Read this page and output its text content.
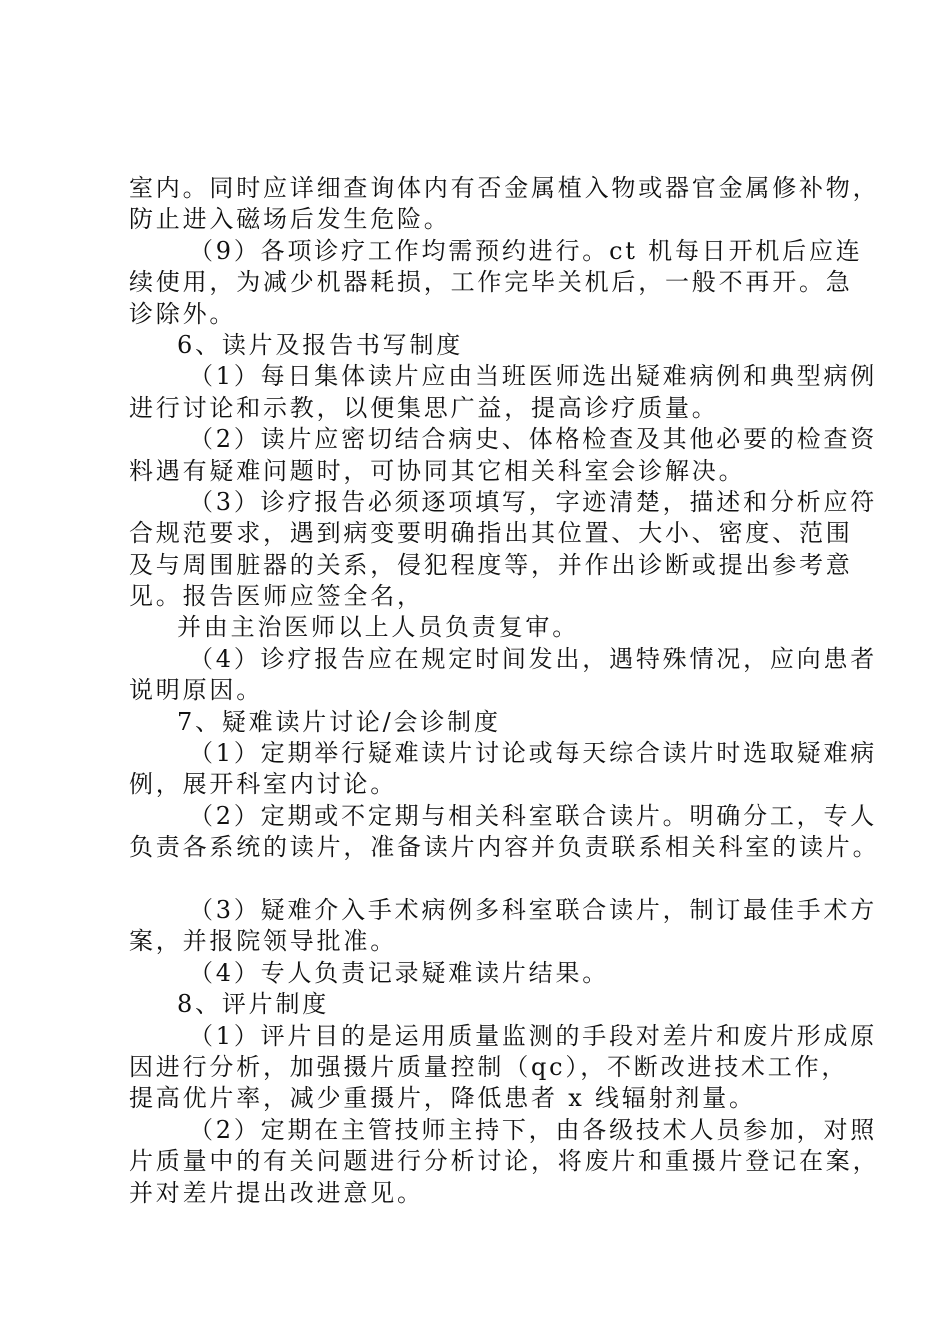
室内。同时应详细查询体内有否金属植入物或器官金属修补物，
防止进入磁场后发生危险。
（9）各项诊疗工作均需预约进行。ct 机每日开机后应连
续使用，为减少机器耗损，工作完毕关机后，一般不再开。急
诊除外。
6、读片及报告书写制度
（1）每日集体读片应由当班医师选出疑难病例和典型病例
进行讨论和示教，以便集思广益，提高诊疗质量。
（2）读片应密切结合病史、体格检查及其他必要的检查资
料遇有疑难问题时，可协同其它相关科室会诊解决。
（3）诊疗报告必须逐项填写，字迹清楚，描述和分析应符
合规范要求，遇到病变要明确指出其位置、大小、密度、范围
及与周围脏器的关系，侵犯程度等，并作出诊断或提出参考意
见。报告医师应签全名，
并由主治医师以上人员负责复审。
（4）诊疗报告应在规定时间发出，遇特殊情况，应向患者
说明原因。
7、疑难读片讨论/会诊制度
（1）定期举行疑难读片讨论或每天综合读片时选取疑难病
例，展开科室内讨论。
（2）定期或不定期与相关科室联合读片。明确分工，专人
负责各系统的读片，准备读片内容并负责联系相关科室的读片。
（3）疑难介入手术病例多科室联合读片，制订最佳手术方
案，并报院领导批准。
（4）专人负责记录疑难读片结果。
8、评片制度
（1）评片目的是运用质量监测的手段对差片和废片形成原
因进行分析，加强摄片质量控制（qc），不断改进技术工作，
提高优片率，减少重摄片，降低患者 x 线辐射剂量。
（2）定期在主管技师主持下，由各级技术人员参加，对照
片质量中的有关问题进行分析讨论，将废片和重摄片登记在案，
并对差片提出改进意见。
